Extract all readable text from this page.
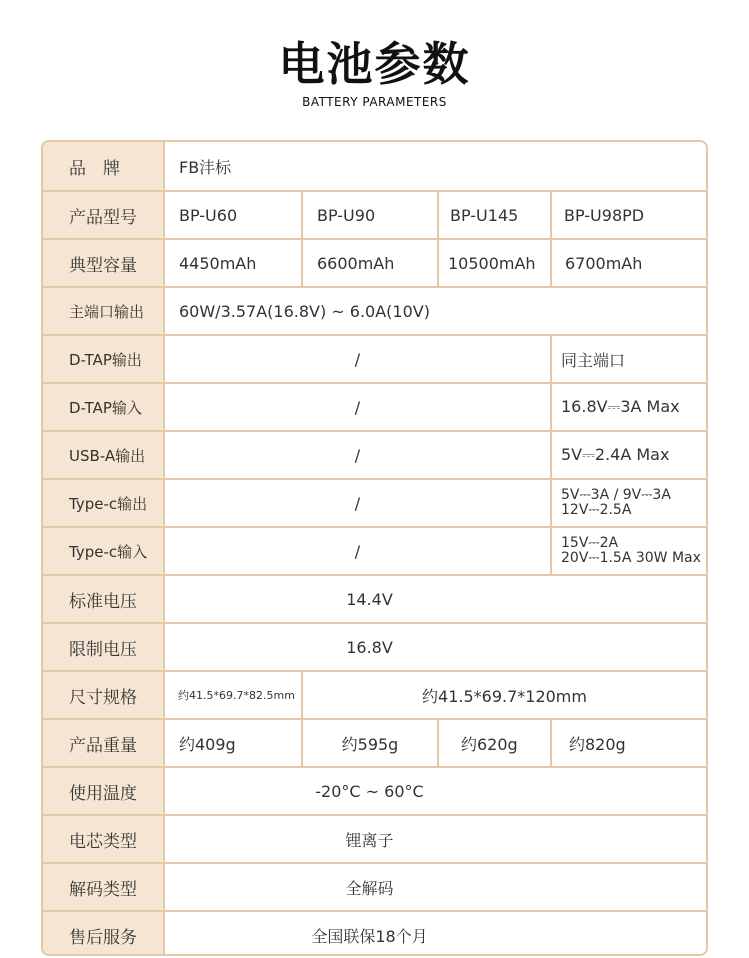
电池参数
BATTERY PARAMETERS
品　牌	FB沣标
产品型号	BP-U60	BP-U90	BP-U145	BP-U98PD
典型容量	4450mAh	6600mAh	10500mAh	6700mAh
主端口输出	60W/3.57A(16.8V) ~ 6.0A(10V)
D-TAP输出	/	同主端口
D-TAP输入	/	16.8V⎓3A Max
USB-A输出	/	5V⎓2.4A Max
Type-c输出	/	5V⎓3A / 9V⎓3A
12V⎓2.5A
Type-c输入	/	15V⎓2A
20V⎓1.5A 30W Max
标准电压	14.4V
限制电压	16.8V
尺寸规格	约41.5*69.7*82.5mm	约41.5*69.7*120mm
产品重量	约409g	约595g	约620g	约820g
使用温度	-20°C ~ 60°C
电芯类型	锂离子
解码类型	全解码
售后服务	全国联保18个月
